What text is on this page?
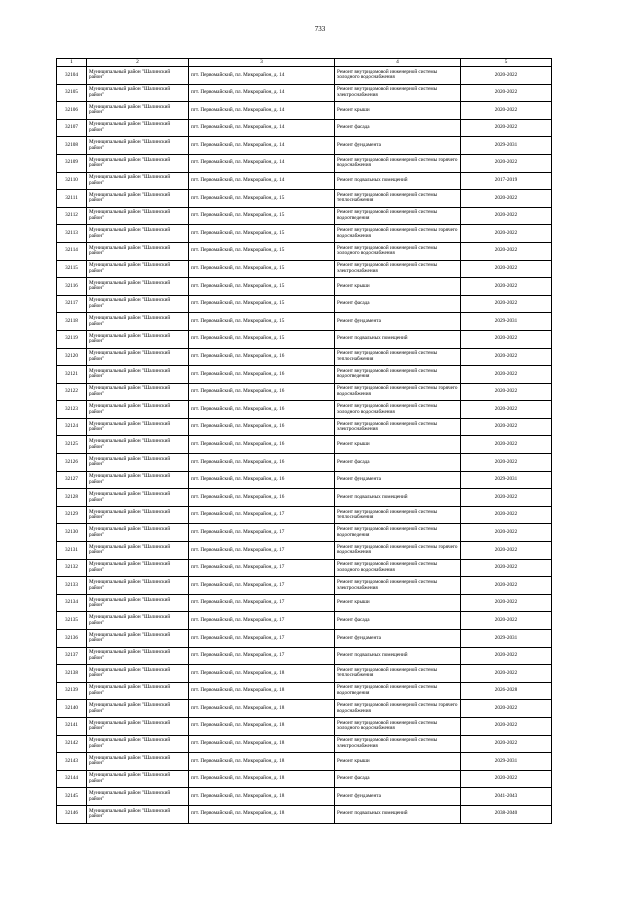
733
1	2	3	4	5
32104	Муниципальный район "Шалинский район"	пгт. Первомайский, пл. Микрорайон, д. 14	Ремонт внутридомовой инженерной системы холодного водоснабжения	2020-2022
32105	Муниципальный район "Шалинский район"	пгт. Первомайский, пл. Микрорайон, д. 14	Ремонт внутридомовой инженерной системы электроснабжения	2020-2022
32106	Муниципальный район "Шалинский район"	пгт. Первомайский, пл. Микрорайон, д. 14	Ремонт крыши	2020-2022
32107	Муниципальный район "Шалинский район"	пгт. Первомайский, пл. Микрорайон, д. 14	Ремонт фасада	2020-2022
32108	Муниципальный район "Шалинский район"	пгт. Первомайский, пл. Микрорайон, д. 14	Ремонт фундамента	2029-2031
32109	Муниципальный район "Шалинский район"	пгт. Первомайский, пл. Микрорайон, д. 14	Ремонт внутридомовой инженерной системы горячего водоснабжения	2020-2022
32110	Муниципальный район "Шалинский район"	пгт. Первомайский, пл. Микрорайон, д. 14	Ремонт подвальных помещений	2017-2019
32111	Муниципальный район "Шалинский район"	пгт. Первомайский, пл. Микрорайон, д. 15	Ремонт внутридомовой инженерной системы теплоснабжения	2020-2022
32112	Муниципальный район "Шалинский район"	пгт. Первомайский, пл. Микрорайон, д. 15	Ремонт внутридомовой инженерной системы водоотведения	2020-2022
32113	Муниципальный район "Шалинский район"	пгт. Первомайский, пл. Микрорайон, д. 15	Ремонт внутридомовой инженерной системы горячего водоснабжения	2020-2022
32114	Муниципальный район "Шалинский район"	пгт. Первомайский, пл. Микрорайон, д. 15	Ремонт внутридомовой инженерной системы холодного водоснабжения	2020-2022
32115	Муниципальный район "Шалинский район"	пгт. Первомайский, пл. Микрорайон, д. 15	Ремонт внутридомовой инженерной системы электроснабжения	2020-2022
32116	Муниципальный район "Шалинский район"	пгт. Первомайский, пл. Микрорайон, д. 15	Ремонт крыши	2020-2022
32117	Муниципальный район "Шалинский район"	пгт. Первомайский, пл. Микрорайон, д. 15	Ремонт фасада	2020-2022
32118	Муниципальный район "Шалинский район"	пгт. Первомайский, пл. Микрорайон, д. 15	Ремонт фундамента	2029-2031
32119	Муниципальный район "Шалинский район"	пгт. Первомайский, пл. Микрорайон, д. 15	Ремонт подвальных помещений	2020-2022
32120	Муниципальный район "Шалинский район"	пгт. Первомайский, пл. Микрорайон, д. 16	Ремонт внутридомовой инженерной системы теплоснабжения	2020-2022
32121	Муниципальный район "Шалинский район"	пгт. Первомайский, пл. Микрорайон, д. 16	Ремонт внутридомовой инженерной системы водоотведения	2020-2022
32122	Муниципальный район "Шалинский район"	пгт. Первомайский, пл. Микрорайон, д. 16	Ремонт внутридомовой инженерной системы горячего водоснабжения	2020-2022
32123	Муниципальный район "Шалинский район"	пгт. Первомайский, пл. Микрорайон, д. 16	Ремонт внутридомовой инженерной системы холодного водоснабжения	2020-2022
32124	Муниципальный район "Шалинский район"	пгт. Первомайский, пл. Микрорайон, д. 16	Ремонт внутридомовой инженерной системы электроснабжения	2020-2022
32125	Муниципальный район "Шалинский район"	пгт. Первомайский, пл. Микрорайон, д. 16	Ремонт крыши	2020-2022
32126	Муниципальный район "Шалинский район"	пгт. Первомайский, пл. Микрорайон, д. 16	Ремонт фасада	2020-2022
32127	Муниципальный район "Шалинский район"	пгт. Первомайский, пл. Микрорайон, д. 16	Ремонт фундамента	2029-2031
32128	Муниципальный район "Шалинский район"	пгт. Первомайский, пл. Микрорайон, д. 16	Ремонт подвальных помещений	2020-2022
32129	Муниципальный район "Шалинский район"	пгт. Первомайский, пл. Микрорайон, д. 17	Ремонт внутридомовой инженерной системы теплоснабжения	2020-2022
32130	Муниципальный район "Шалинский район"	пгт. Первомайский, пл. Микрорайон, д. 17	Ремонт внутридомовой инженерной системы водоотведения	2020-2022
32131	Муниципальный район "Шалинский район"	пгт. Первомайский, пл. Микрорайон, д. 17	Ремонт внутридомовой инженерной системы горячего водоснабжения	2020-2022
32132	Муниципальный район "Шалинский район"	пгт. Первомайский, пл. Микрорайон, д. 17	Ремонт внутридомовой инженерной системы холодного водоснабжения	2020-2022
32133	Муниципальный район "Шалинский район"	пгт. Первомайский, пл. Микрорайон, д. 17	Ремонт внутридомовой инженерной системы электроснабжения	2020-2022
32134	Муниципальный район "Шалинский район"	пгт. Первомайский, пл. Микрорайон, д. 17	Ремонт крыши	2020-2022
32135	Муниципальный район "Шалинский район"	пгт. Первомайский, пл. Микрорайон, д. 17	Ремонт фасада	2020-2022
32136	Муниципальный район "Шалинский район"	пгт. Первомайский, пл. Микрорайон, д. 17	Ремонт фундамента	2029-2031
32137	Муниципальный район "Шалинский район"	пгт. Первомайский, пл. Микрорайон, д. 17	Ремонт подвальных помещений	2020-2022
32138	Муниципальный район "Шалинский район"	пгт. Первомайский, пл. Микрорайон, д. 18	Ремонт внутридомовой инженерной системы теплоснабжения	2020-2022
32139	Муниципальный район "Шалинский район"	пгт. Первомайский, пл. Микрорайон, д. 18	Ремонт внутридомовой инженерной системы водоотведения	2026-2028
32140	Муниципальный район "Шалинский район"	пгт. Первомайский, пл. Микрорайон, д. 18	Ремонт внутридомовой инженерной системы горячего водоснабжения	2020-2022
32141	Муниципальный район "Шалинский район"	пгт. Первомайский, пл. Микрорайон, д. 18	Ремонт внутридомовой инженерной системы холодного водоснабжения	2020-2022
32142	Муниципальный район "Шалинский район"	пгт. Первомайский, пл. Микрорайон, д. 18	Ремонт внутридомовой инженерной системы электроснабжения	2020-2022
32143	Муниципальный район "Шалинский район"	пгт. Первомайский, пл. Микрорайон, д. 18	Ремонт крыши	2029-2031
32144	Муниципальный район "Шалинский район"	пгт. Первомайский, пл. Микрорайон, д. 18	Ремонт фасада	2020-2022
32145	Муниципальный район "Шалинский район"	пгт. Первомайский, пл. Микрорайон, д. 18	Ремонт фундамента	2041-2043
32146	Муниципальный район "Шалинский район"	пгт. Первомайский, пл. Микрорайон, д. 18	Ремонт подвальных помещений	2038-2040
